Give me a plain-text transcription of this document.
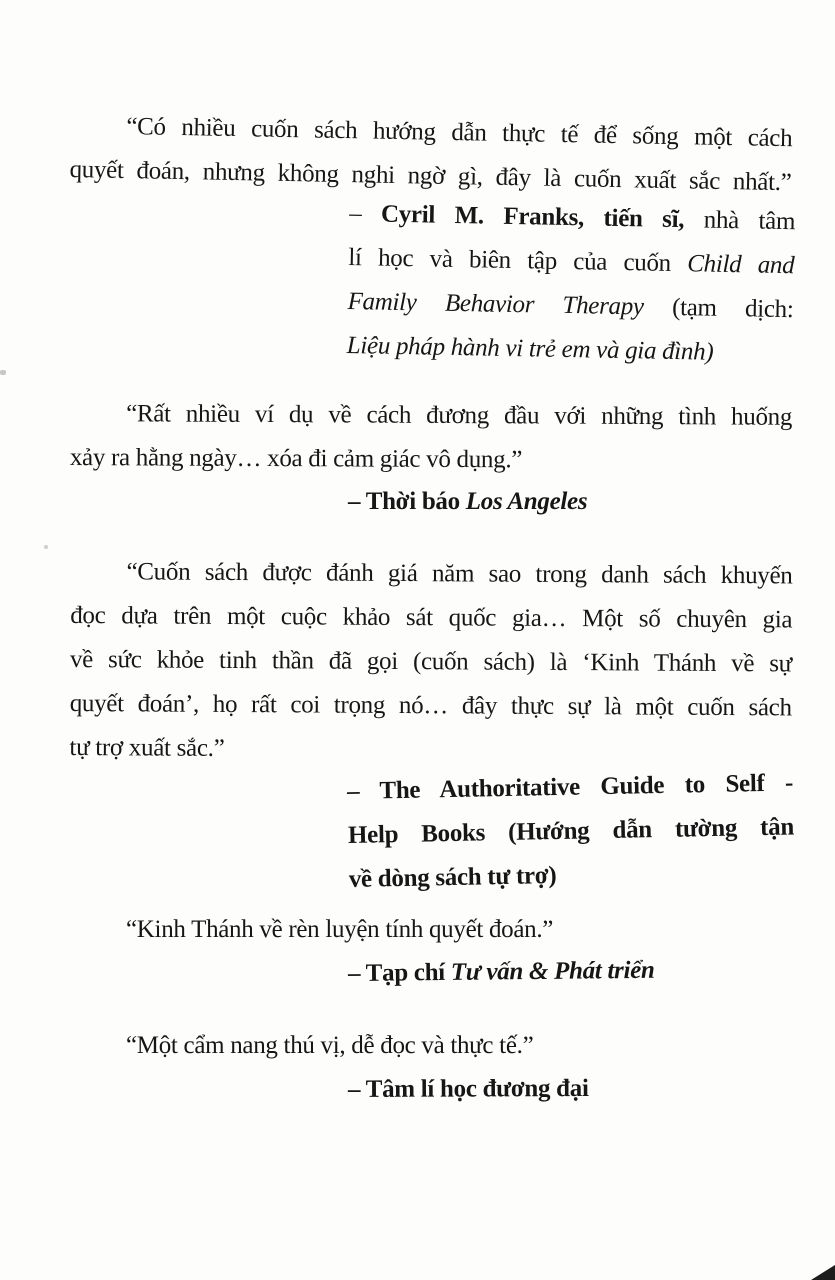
“Có nhiều cuốn sách hướng dẫn thực tế để sống một cách
quyết đoán, nhưng không nghi ngờ gì, đây là cuốn xuất sắc nhất.”
– Cyril M. Franks, tiến sĩ, nhà tâm
lí học và biên tập của cuốn Child and
Family Behavior Therapy (tạm dịch:
Liệu pháp hành vi trẻ em và gia đình)
“Rất nhiều ví dụ về cách đương đầu với những tình huống
xảy ra hằng ngày… xóa đi cảm giác vô dụng.”
– Thời báo Los Angeles
“Cuốn sách được đánh giá năm sao trong danh sách khuyến
đọc dựa trên một cuộc khảo sát quốc gia… Một số chuyên gia
về sức khỏe tinh thần đã gọi (cuốn sách) là ‘Kinh Thánh về sự
quyết đoán’, họ rất coi trọng nó… đây thực sự là một cuốn sách
tự trợ xuất sắc.”
– The Authoritative Guide to Self -
Help Books (Hướng dẫn tường tận
về dòng sách tự trợ)
“Kinh Thánh về rèn luyện tính quyết đoán.”
– Tạp chí Tư vấn & Phát triển
“Một cẩm nang thú vị, dễ đọc và thực tế.”
– Tâm lí học đương đại
